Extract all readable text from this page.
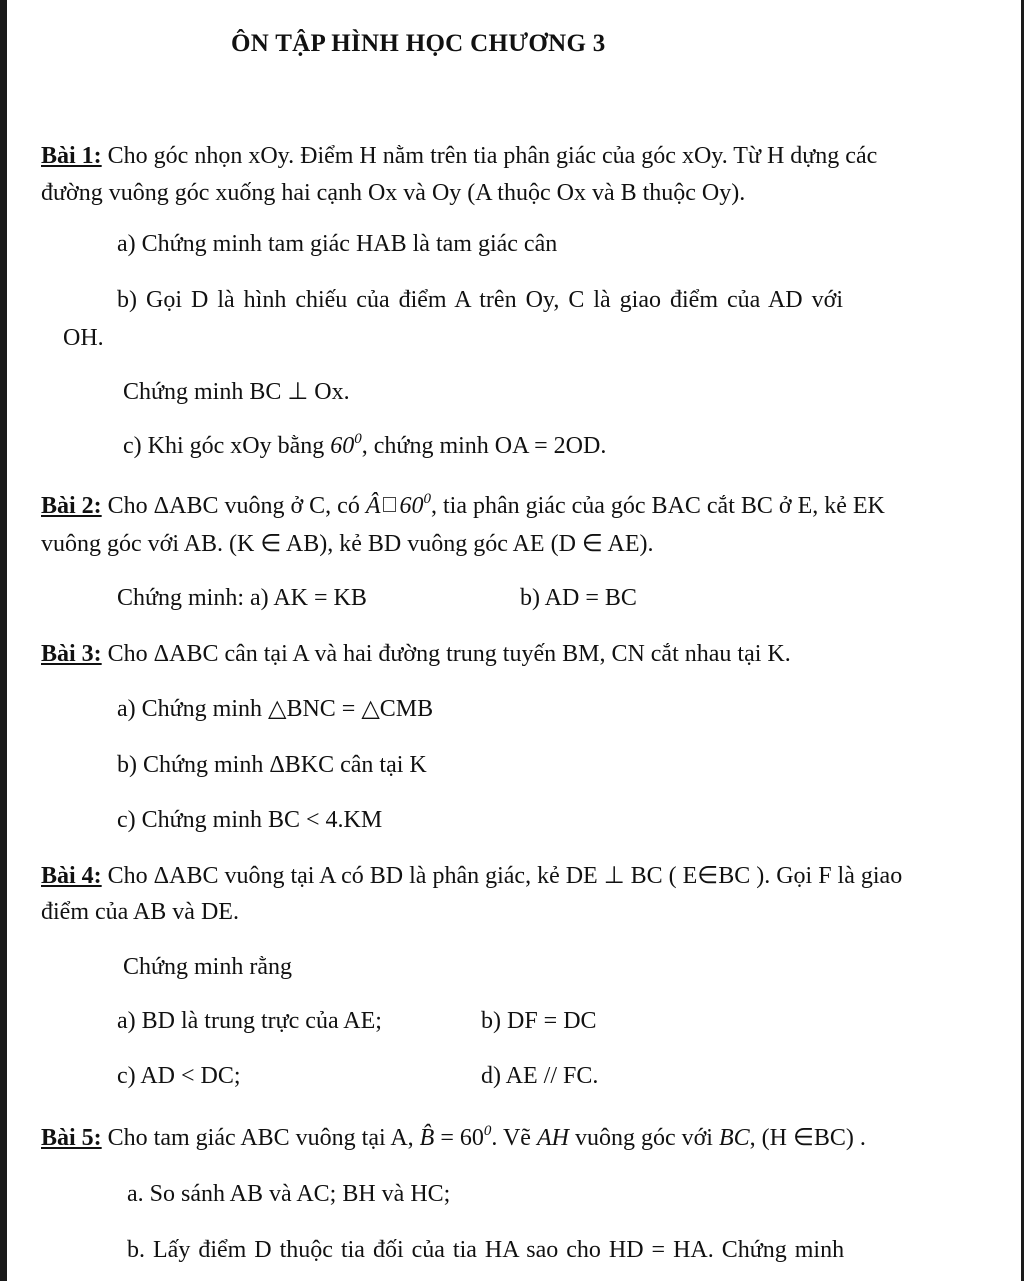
ÔN TẬP HÌNH HỌC CHƯƠNG 3
Bài 1: Cho góc nhọn xOy. Điểm H nằm trên tia phân giác của góc xOy. Từ H dựng các
đường vuông góc xuống hai cạnh Ox và Oy (A thuộc Ox và B thuộc Oy).
a) Chứng minh tam giác HAB là tam giác cân
b) Gọi D là hình chiếu của điểm A trên Oy, C là giao điểm của AD với
OH.
Chứng minh BC ⊥ Ox.
c) Khi góc xOy bằng $60^0$, chứng minh OA = 2OD.
Bài 2: Cho ΔABC vuông ở C, có Â $60^0$, tia phân giác của góc BAC cắt BC ở E, kẻ EK
vuông góc với AB. (K ∈ AB), kẻ BD vuông góc AE (D ∈ AE).
Chứng minh: a) AK = KB	b) AD = BC
Bài 3: Cho ΔABC cân tại A và hai đường trung tuyến BM, CN cắt nhau tại K.
a) Chứng minh △BNC = △CMB
b) Chứng minh ΔBKC cân tại K
c) Chứng minh BC < 4.KM
Bài 4: Cho ΔABC vuông tại A có BD là phân giác, kẻ DE ⊥ BC ( E∈BC ). Gọi F là giao
điểm của AB và DE.
Chứng minh rằng
a) BD là trung trực của AE;	b) DF = DC
c) AD < DC;	d) AE // FC.
Bài 5: Cho tam giác ABC vuông tại A, B̂ = $60^0$. Vẽ AH vuông góc với BC, (H ∈BC) .
a. So sánh AB và AC; BH và HC;
b. Lấy điểm D thuộc tia đối của tia HA sao cho HD = HA. Chứng minh
